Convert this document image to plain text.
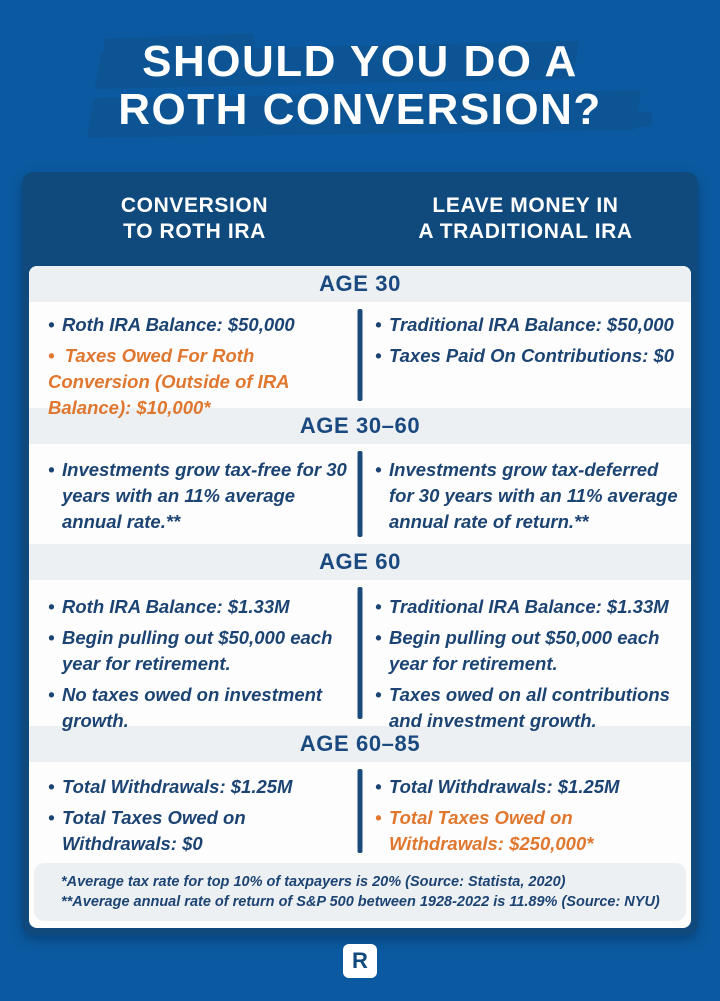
SHOULD YOU DO A
ROTH CONVERSION?
CONVERSION
TO ROTH IRA
LEAVE MONEY IN
A TRADITIONAL IRA
AGE 30
•
Roth IRA Balance: $50,000
•  Taxes Owed For Roth Conversion (Outside of IRA Balance): $10,000*
•
Traditional IRA Balance: $50,000
•
Taxes Paid On Contributions: $0
AGE 30–60
•
Investments grow tax-free for 30 years with an 11% average annual rate.**
•
Investments grow tax-deferred for 30 years with an 11% average annual rate of return.**
AGE 60
•
Roth IRA Balance: $1.33M
•
Begin pulling out $50,000 each year for retirement.
•
No taxes owed on investment growth.
•
Traditional IRA Balance: $1.33M
•
Begin pulling out $50,000 each year for retirement.
•
Taxes owed on all contributions and investment growth.
AGE 60–85
•
Total Withdrawals: $1.25M
•
Total Taxes Owed on Withdrawals: $0
•
Total Withdrawals: $1.25M
•
Total Taxes Owed on Withdrawals: $250,000*
*Average tax rate for top 10% of taxpayers is 20% (Source: Statista, 2020)
**Average annual rate of return of S&P 500 between 1928-2022 is 11.89% (Source: NYU)
R
